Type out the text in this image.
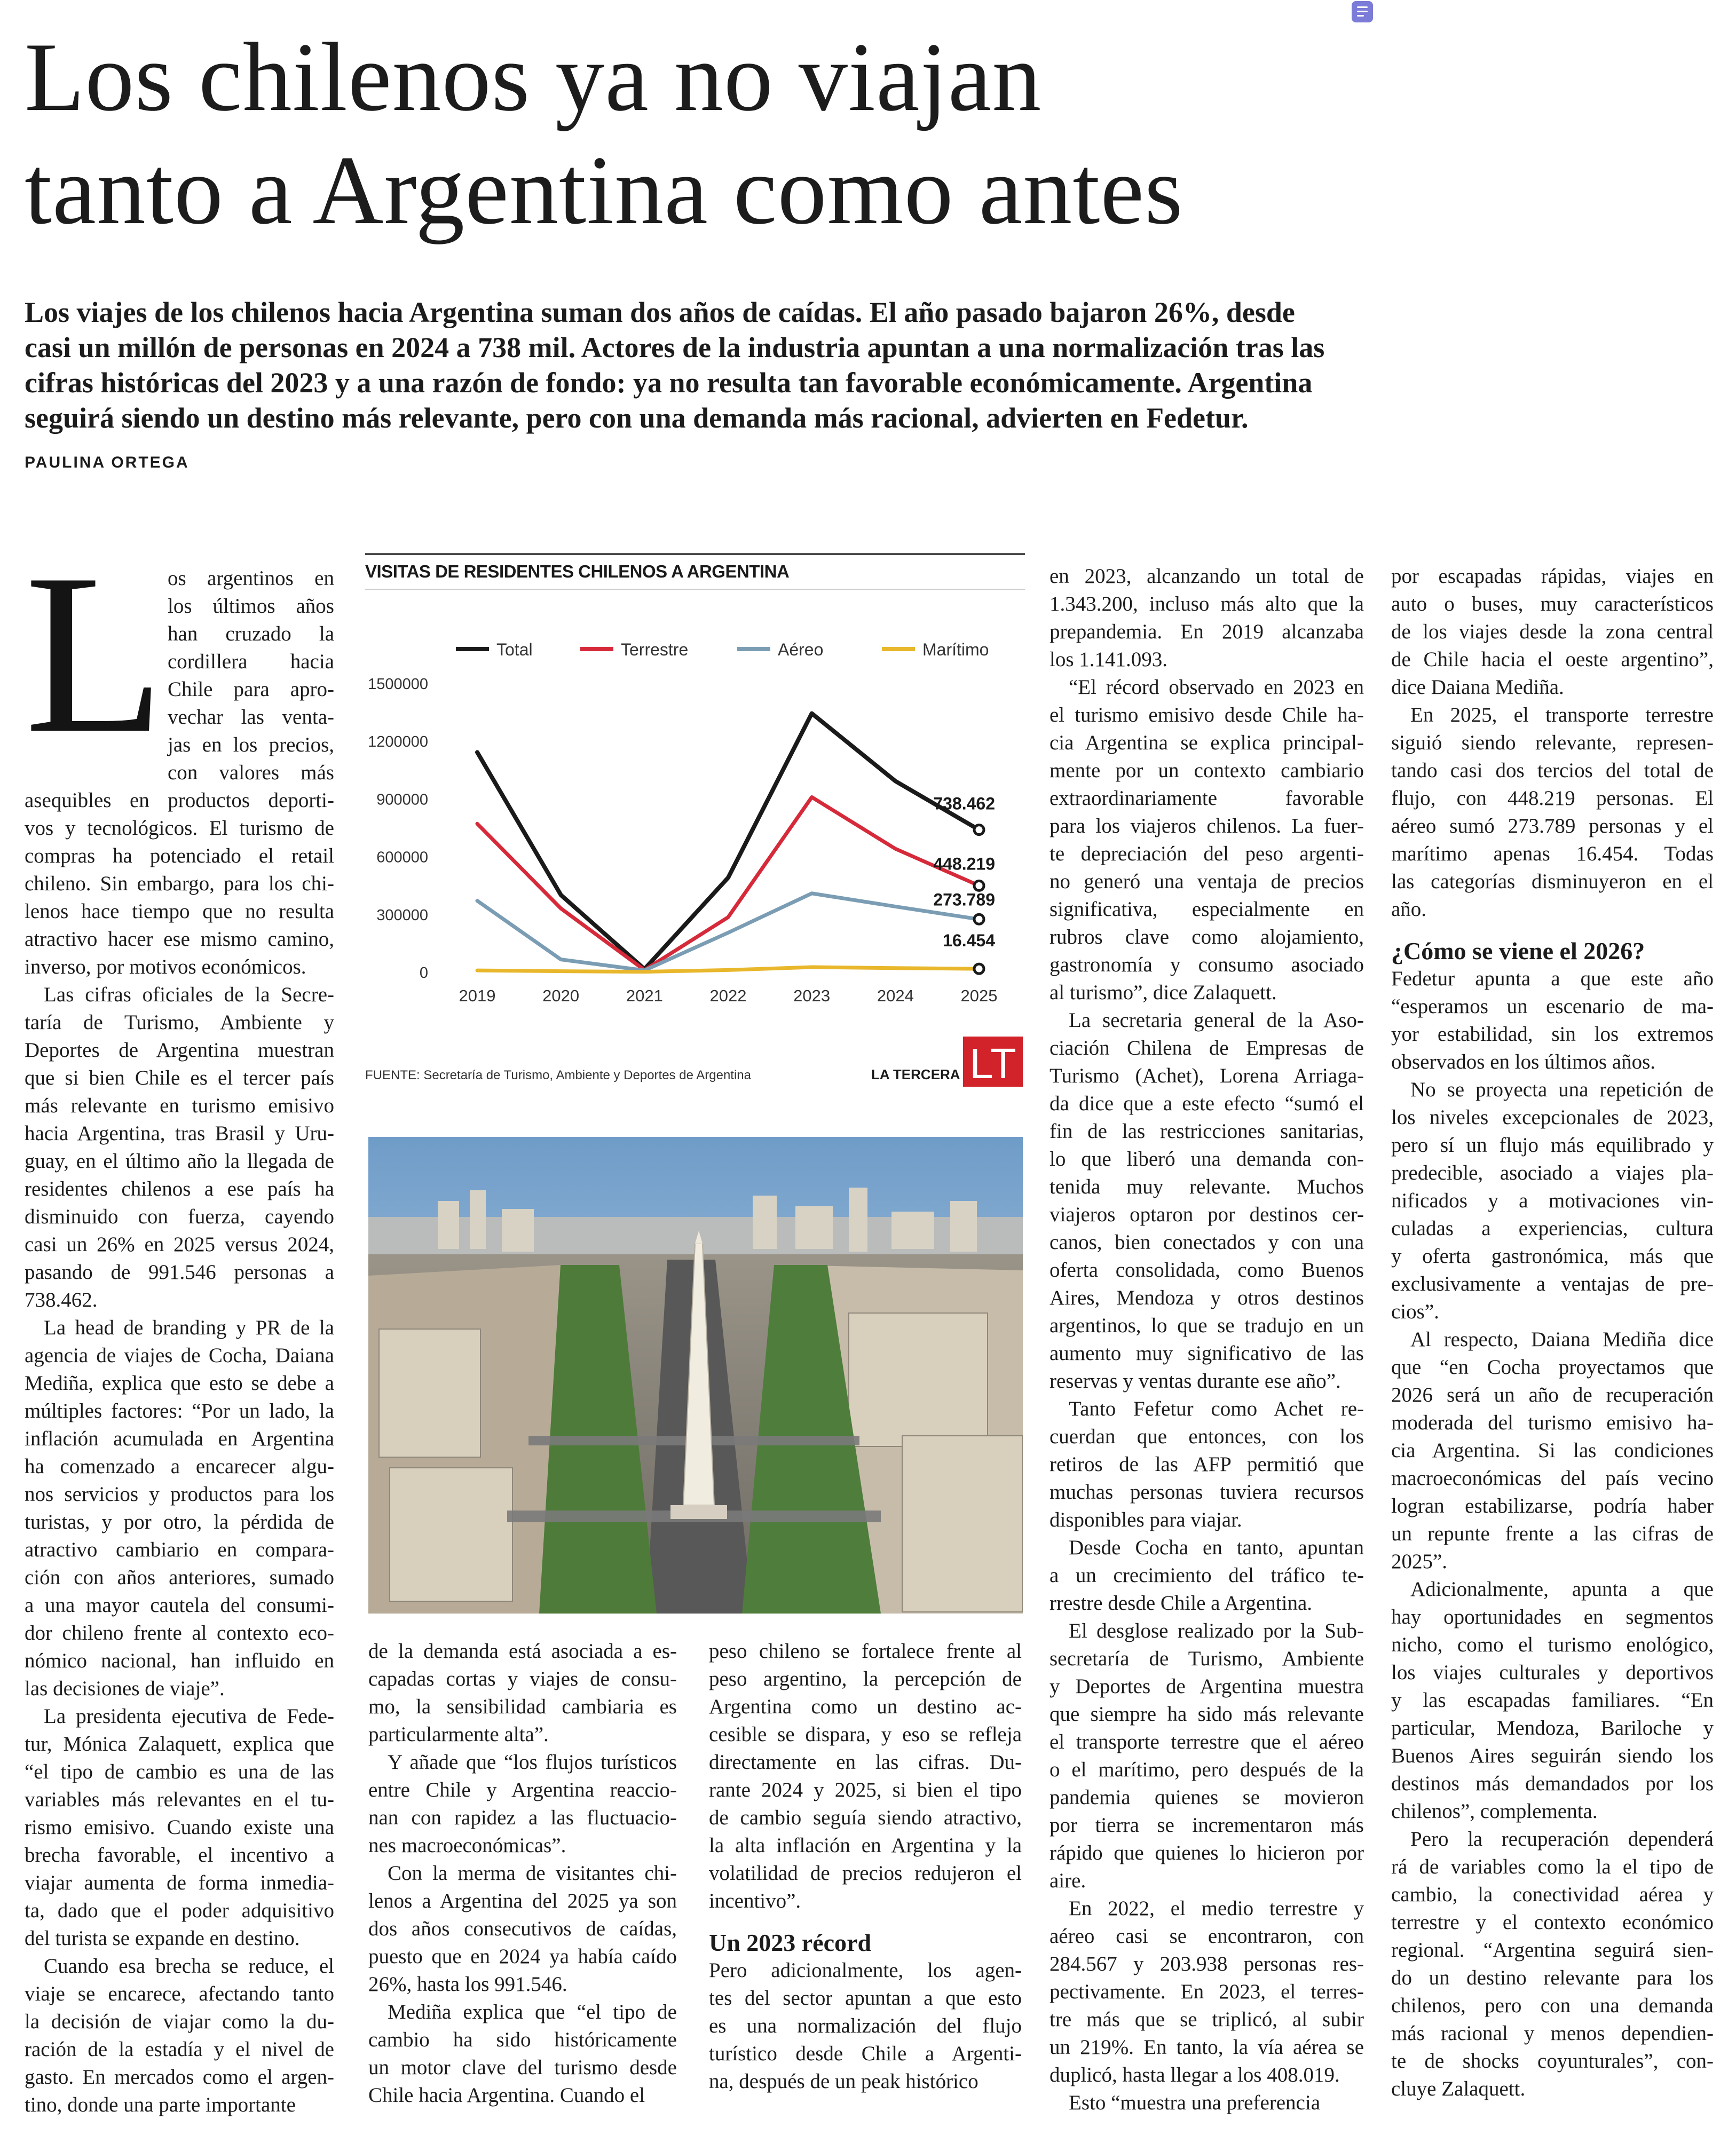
Los chilenos ya no viajan
tanto a Argentina como antes

Los viajes de los chilenos hacia Argentina suman dos años de caídas. El año pasado bajaron 26%, desde
casi un millón de personas en 2024 a 738 mil. Actores de la industria apuntan a una normalización tras las
cifras históricas del 2023 y a una razón de fondo: ya no resulta tan favorable económicamente. Argentina
seguirá siendo un destino más relevante, pero con una demanda más racional, advierten en Fedetur.

PAULINA ORTEGA
L os argentinos en
los últimos años
han cruzado la
cordillera hacia
Chile para apro-
vechar las venta-
jas en los precios,
con valores más
asequibles en productos deporti-
vos y tecnológicos. El turismo de
compras ha potenciado el retail
chileno. Sin embargo, para los chi-
lenos hace tiempo que no resulta
atractivo hacer ese mismo camino,
inverso, por motivos económicos.
Las cifras oficiales de la Secre-
taría de Turismo, Ambiente y
Deportes de Argentina muestran
que si bien Chile es el tercer país
más relevante en turismo emisivo
hacia Argentina, tras Brasil y Uru-
guay, en el último año la llegada de
residentes chilenos a ese país ha
disminuido con fuerza, cayendo
casi un 26% en 2025 versus 2024,
pasando de 991.546 personas a
738.462.
La head de branding y PR de la
agencia de viajes de Cocha, Daiana
Mediña, explica que esto se debe a
múltiples factores: “Por un lado, la
inflación acumulada en Argentina
ha comenzado a encarecer algu-
nos servicios y productos para los
turistas, y por otro, la pérdida de
atractivo cambiario en compara-
ción con años anteriores, sumado
a una mayor cautela del consumi-
dor chileno frente al contexto eco-
nómico nacional, han influido en
las decisiones de viaje”.
La presidenta ejecutiva de Fede-
tur, Mónica Zalaquett, explica que
“el tipo de cambio es una de las
variables más relevantes en el tu-
rismo emisivo. Cuando existe una
brecha favorable, el incentivo a
viajar aumenta de forma inmedia-
ta, dado que el poder adquisitivo
del turista se expande en destino.
Cuando esa brecha se reduce, el
viaje se encarece, afectando tanto
la decisión de viajar como la du-
ración de la estadía y el nivel de
gasto. En mercados como el argen-
tino, donde una parte importante
de la demanda está asociada a es-
capadas cortas y viajes de consu-
mo, la sensibilidad cambiaria es
particularmente alta”.
Y añade que “los flujos turísticos
entre Chile y Argentina reaccio-
nan con rapidez a las fluctuacio-
nes macroeconómicas”.
Con la merma de visitantes chi-
lenos a Argentina del 2025 ya son
dos años consecutivos de caídas,
puesto que en 2024 ya había caído
26%, hasta los 991.546.
Mediña explica que “el tipo de
cambio ha sido históricamente
un motor clave del turismo desde
Chile hacia Argentina. Cuando el
peso chileno se fortalece frente al
peso argentino, la percepción de
Argentina como un destino ac-
cesible se dispara, y eso se refleja
directamente en las cifras. Du-
rante 2024 y 2025, si bien el tipo
de cambio seguía siendo atractivo,
la alta inflación en Argentina y la
volatilidad de precios redujeron el
incentivo”.
Un 2023 récord
Pero adicionalmente, los agen-
tes del sector apuntan a que esto
es una normalización del flujo
turístico desde Chile a Argenti-
na, después de un peak histórico
en 2023, alcanzando un total de
1.343.200, incluso más alto que la
prepandemia. En 2019 alcanzaba
los 1.141.093.
“El récord observado en 2023 en
el turismo emisivo desde Chile ha-
cia Argentina se explica principal-
mente por un contexto cambiario
extraordinariamente favorable
para los viajeros chilenos. La fuer-
te depreciación del peso argenti-
no generó una ventaja de precios
significativa, especialmente en
rubros clave como alojamiento,
gastronomía y consumo asociado
al turismo”, dice Zalaquett.
La secretaria general de la Aso-
ciación Chilena de Empresas de
Turismo (Achet), Lorena Arriaga-
da dice que a este efecto “sumó el
fin de las restricciones sanitarias,
lo que liberó una demanda con-
tenida muy relevante. Muchos
viajeros optaron por destinos cer-
canos, bien conectados y con una
oferta consolidada, como Buenos
Aires, Mendoza y otros destinos
argentinos, lo que se tradujo en un
aumento muy significativo de las
reservas y ventas durante ese año”.
Tanto Fefetur como Achet re-
cuerdan que entonces, con los
retiros de las AFP permitió que
muchas personas tuviera recursos
disponibles para viajar.
Desde Cocha en tanto, apuntan
a un crecimiento del tráfico te-
rrestre desde Chile a Argentina.
El desglose realizado por la Sub-
secretaría de Turismo, Ambiente
y Deportes de Argentina muestra
que siempre ha sido más relevante
el transporte terrestre que el aéreo
o el marítimo, pero después de la
pandemia quienes se movieron
por tierra se incrementaron más
rápido que quienes lo hicieron por
aire.
En 2022, el medio terrestre y
aéreo casi se encontraron, con
284.567 y 203.938 personas res-
pectivamente. En 2023, el terres-
tre más que se triplicó, al subir
un 219%. En tanto, la vía aérea se
duplicó, hasta llegar a los 408.019.
Esto “muestra una preferencia
por escapadas rápidas, viajes en
auto o buses, muy característicos
de los viajes desde la zona central
de Chile hacia el oeste argentino”,
dice Daiana Mediña.
En 2025, el transporte terrestre
siguió siendo relevante, represen-
tando casi dos tercios del total de
flujo, con 448.219 personas. El
aéreo sumó 273.789 personas y el
marítimo apenas 16.454. Todas
las categorías disminuyeron en el
año.
¿Cómo se viene el 2026?
Fedetur apunta a que este año
“esperamos un escenario de ma-
yor estabilidad, sin los extremos
observados en los últimos años.
No se proyecta una repetición de
los niveles excepcionales de 2023,
pero sí un flujo más equilibrado y
predecible, asociado a viajes pla-
nificados y a motivaciones vin-
culadas a experiencias, cultura
y oferta gastronómica, más que
exclusivamente a ventajas de pre-
cios”.
Al respecto, Daiana Mediña dice
que “en Cocha proyectamos que
2026 será un año de recuperación
moderada del turismo emisivo ha-
cia Argentina. Si las condiciones
macroeconómicas del país vecino
logran estabilizarse, podría haber
un repunte frente a las cifras de
2025”.
Adicionalmente, apunta a que
hay oportunidades en segmentos
nicho, como el turismo enológico,
los viajes culturales y deportivos
y las escapadas familiares. “En
particular, Mendoza, Bariloche y
Buenos Aires seguirán siendo los
destinos más demandados por los
chilenos”, complementa.
Pero la recuperación dependerá
rá de variables como la el tipo de
cambio, la conectividad aérea y
terrestre y el contexto económico
regional. “Argentina seguirá sien-
do un destino relevante para los
chilenos, pero con una demanda
más racional y menos dependien-
te de shocks coyunturales”, con-
cluye Zalaquett.
VISITAS DE RESIDENTES CHILENOS A ARGENTINA
Total	Terrestre	Aéreo	Marítimo
0
300000
600000
900000
1200000
1500000
2019	2020	2021	2022	2023	2024	2025
738.462
448.219
273.789
16.454
FUENTE: Secretaría de Turismo, Ambiente y Deportes de Argentina	LA TERCERA LT
